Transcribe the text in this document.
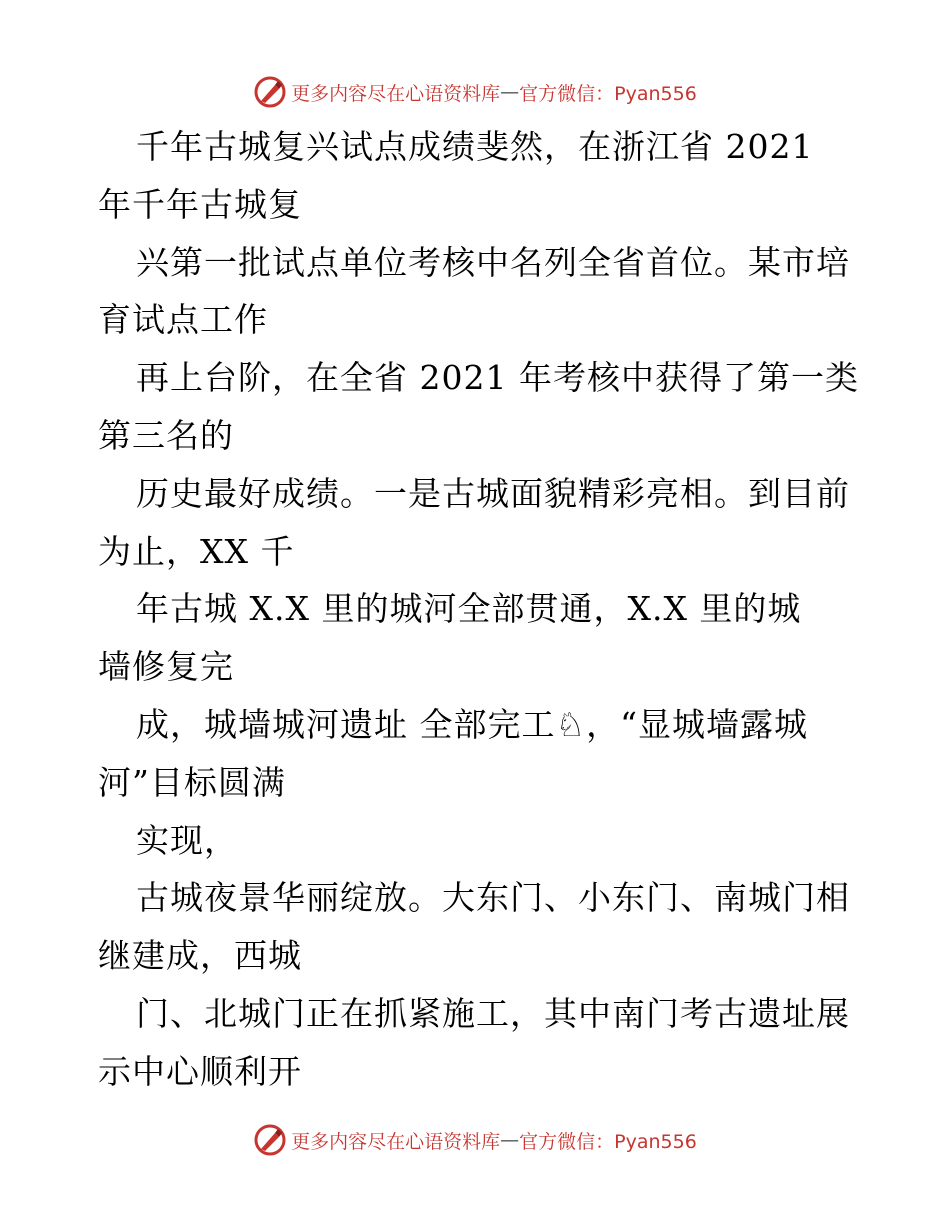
更多内容尽在心语资料库 — 官方微信：Pyan556
千年古城复兴试点成绩斐然，在浙江省 2021
年千年古城复
兴第一批试点单位考核中名列全省首位。某市培
育试点工作
再上台阶，在全省 2021 年考核中获得了第一类
第三名的
历史最好成绩。一是古城面貌精彩亮相。到目前
为止，XX 千
年古城 X.X 里的城河全部贯通，X.X 里的城
墙修复完
成，城墙城河遗址 全部完工♘，“显城墙露城
河”目标圆满
实现，
古城夜景华丽绽放。大东门、小东门、南城门相
继建成，西城
门、北城门正在抓紧施工，其中南门考古遗址展
示中心顺利开
更多内容尽在心语资料库 — 官方微信：Pyan556
